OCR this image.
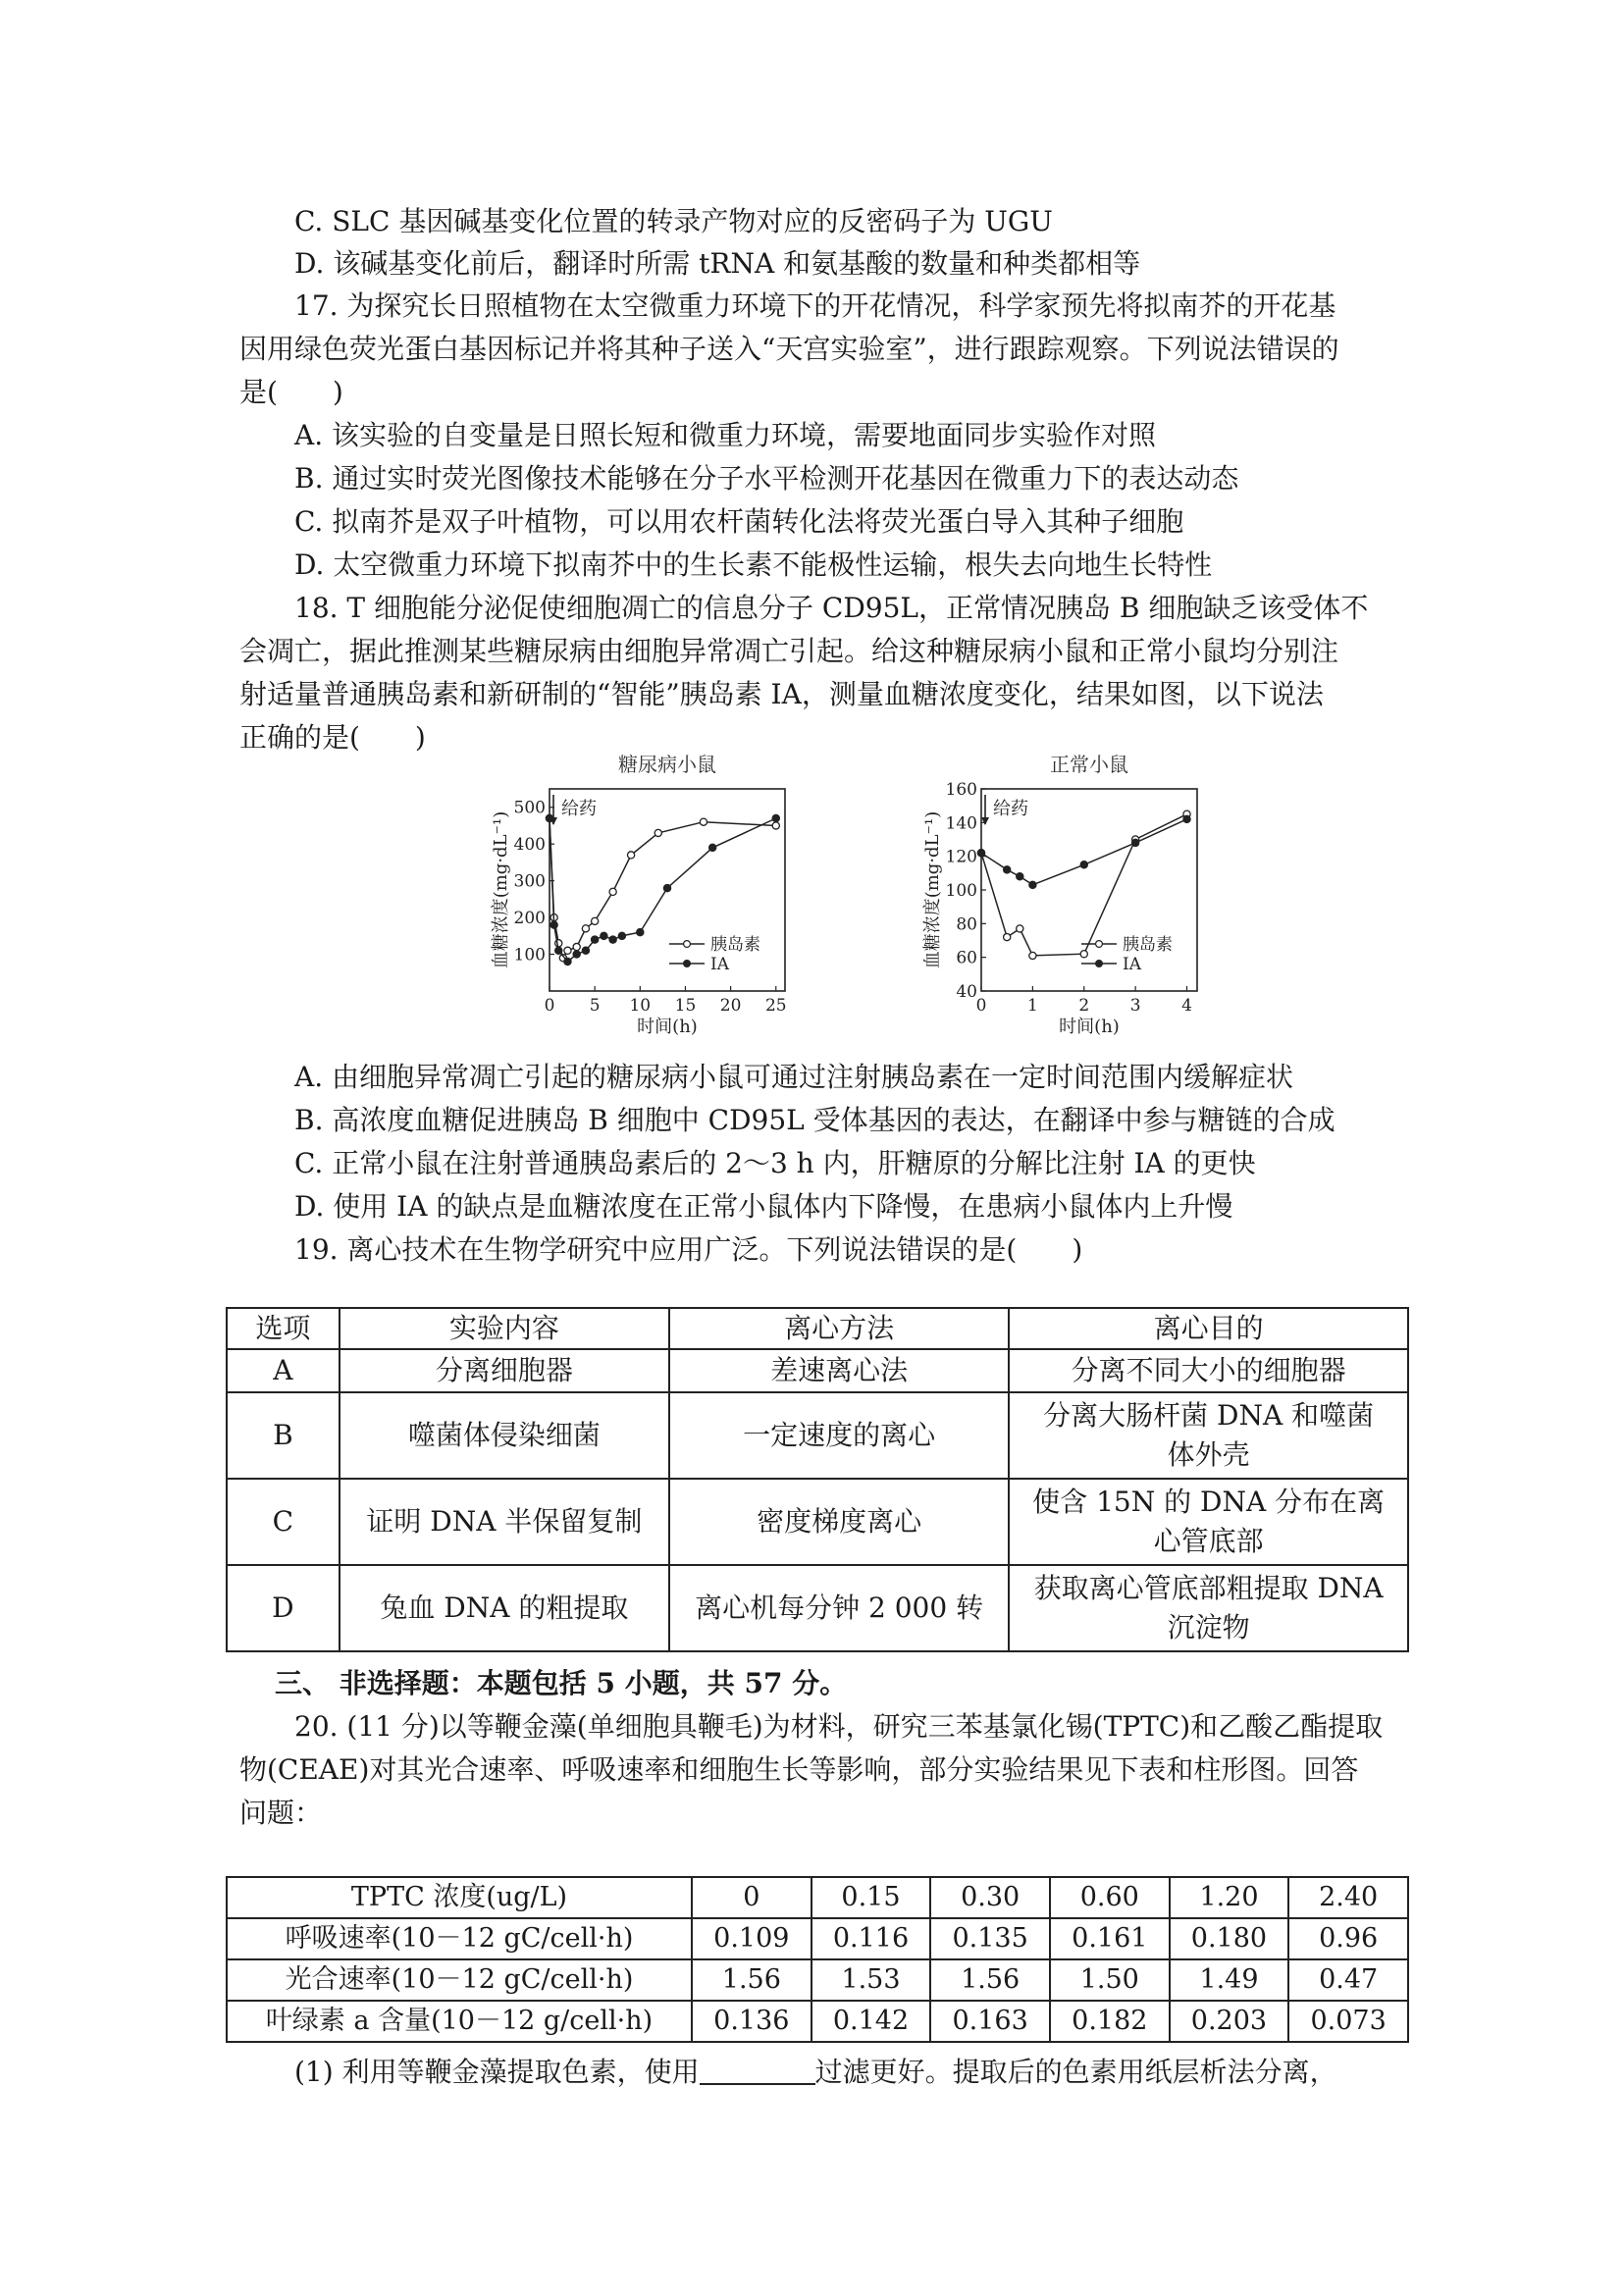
C. SLC 基因碱基变化位置的转录产物对应的反密码子为 UGU
D. 该碱基变化前后，翻译时所需 tRNA 和氨基酸的数量和种类都相等
17. 为探究长日照植物在太空微重力环境下的开花情况，科学家预先将拟南芥的开花基
因用绿色荧光蛋白基因标记并将其种子送入“天宫实验室”，进行跟踪观察。下列说法错误的
是(　　)
A. 该实验的自变量是日照长短和微重力环境，需要地面同步实验作对照
B. 通过实时荧光图像技术能够在分子水平检测开花基因在微重力下的表达动态
C. 拟南芥是双子叶植物，可以用农杆菌转化法将荧光蛋白导入其种子细胞
D. 太空微重力环境下拟南芥中的生长素不能极性运输，根失去向地生长特性
18. T 细胞能分泌促使细胞凋亡的信息分子 CD95L，正常情况胰岛 B 细胞缺乏该受体不
会凋亡，据此推测某些糖尿病由细胞异常凋亡引起。给这种糖尿病小鼠和正常小鼠均分别注
射适量普通胰岛素和新研制的“智能”胰岛素 IA，测量血糖浓度变化，结果如图，以下说法
正确的是(　　)
糖尿病小鼠
100
200
300
400
500
0 5 10 15 20 25
时间(h)
血糖浓度(mg·dL⁻¹)
给药
胰岛素
IA
正常小鼠
40
60
80
100
120
140
160
0 1 2 3 4
时间(h)
血糖浓度(mg·dL⁻¹)
给药
胰岛素
IA
A. 由细胞异常凋亡引起的糖尿病小鼠可通过注射胰岛素在一定时间范围内缓解症状
B. 高浓度血糖促进胰岛 B 细胞中 CD95L 受体基因的表达，在翻译中参与糖链的合成
C. 正常小鼠在注射普通胰岛素后的 2～3 h 内，肝糖原的分解比注射 IA 的更快
D. 使用 IA 的缺点是血糖浓度在正常小鼠体内下降慢，在患病小鼠体内上升慢
19. 离心技术在生物学研究中应用广泛。下列说法错误的是(　　)
选项	实验内容	离心方法	离心目的
A	分离细胞器	差速离心法	分离不同大小的细胞器
B	噬菌体侵染细菌	一定速度的离心	分离大肠杆菌 DNA 和噬菌体外壳

C	证明 DNA 半保留复制	密度梯度离心	使含 15N 的 DNA 分布在离心管底部

D	兔血 DNA 的粗提取	离心机每分钟 2 000 转	获取离心管底部粗提取 DNA 沉淀物
三、 非选择题：本题包括 5 小题，共 57 分。
20. (11 分)以等鞭金藻(单细胞具鞭毛)为材料，研究三苯基氯化锡(TPTC)和乙酸乙酯提取
物(CEAE)对其光合速率、呼吸速率和细胞生长等影响，部分实验结果见下表和柱形图。回答
问题：
TPTC 浓度(ug/L)	0	0.15	0.30	0.60	1.20	2.40
呼吸速率(10－12 gC/cell·h)	0.109	0.116	0.135	0.161	0.180	0.96
光合速率(10－12 gC/cell·h)	1.56	1.53	1.56	1.50	1.49	0.47
叶绿素 a 含量(10－12 g/cell·h)	0.136	0.142	0.163	0.182	0.203	0.073
(1) 利用等鞭金藻提取色素，使用	过滤更好。提取后的色素用纸层析法分离，
